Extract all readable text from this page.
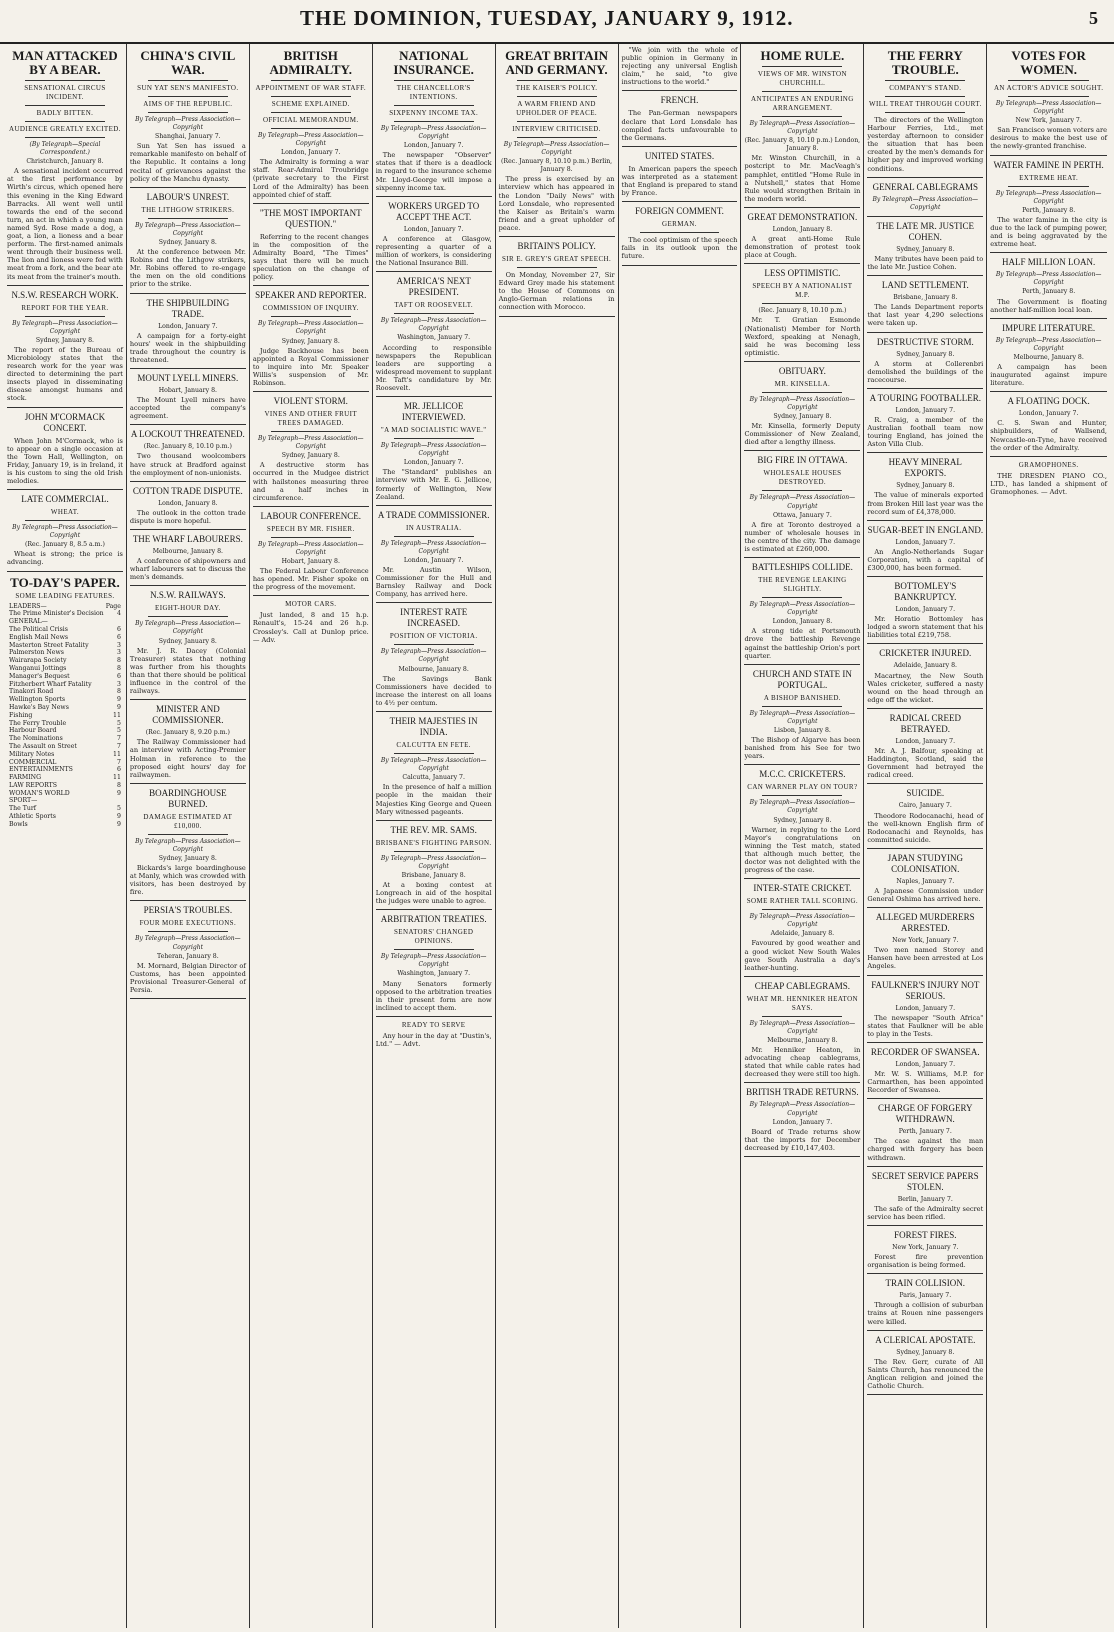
THE DOMINION, TUESDAY, JANUARY 9, 1912.	5
MAN ATTACKED BY A BEAR.
SENSATIONAL CIRCUS INCIDENT.
BADLY BITTEN.
AUDIENCE GREATLY EXCITED.
(By Telegraph—Special Correspondent.)
Christchurch, January 8.

A sensational incident occurred at the first performance by Wirth's circus, which opened here this evening in the King Edward Barracks. All went well until towards the end of the second turn, an act in which a young man named Syd. Rose made a dog, a goat, a lion, a lioness and a bear perform. The first-named animals went through their business well. The lion and lioness were fed with meat from a fork, and the bear ate its meat from the trainer's mouth.

N.S.W. RESEARCH WORK.
REPORT FOR THE YEAR.
By Telegraph—Press Association—Copyright
Sydney, January 8.

The report of the Bureau of Microbiology states that the research work for the year was directed to determining the part insects played in disseminating disease amongst humans and stock.

JOHN M'CORMACK CONCERT.

When John M'Cormack, who is to appear on a single occasion at the Town Hall, Wellington, on Friday, January 19, is in Ireland, it is his custom to sing the old Irish melodies.

LATE COMMERCIAL.
WHEAT.
By Telegraph—Press Association—Copyright
(Rec. January 8, 8.5 a.m.)

Wheat is strong; the price is advancing.

TO-DAY'S PAPER.
SOME LEADING FEATURES.
LEADERS—	Page
The Prime Minister's Decision 4
GENERAL—
The Political Crisis	6
English Mail News	6
Masterton Street Fatality	3
Palmerston News	3
Wairarapa Society	8
Wanganui Jottings	8
Manager's Bequest	6
Fitzherbert Wharf Fatality	3
Tinakori Road	8
Wellington Sports	9
Hawke's Bay News	9
Fishing	11
The Ferry Trouble	5
Harbour Board	5
The Nominations	7
The Assault on Street	7
Military Notes	11
COMMERCIAL	7
ENTERTAINMENTS	6
FARMING	11
LAW REPORTS	8
WOMAN'S WORLD	9
SPORT—
The Turf	5
Athletic Sports	9
Bowls	9
CHINA'S CIVIL WAR.
SUN YAT SEN'S MANIFESTO.
AIMS OF THE REPUBLIC.
By Telegraph—Press Association—Copyright
Shanghai, January 7.

Sun Yat Sen has issued a remarkable manifesto on behalf of the Republic. It contains a long recital of grievances against the policy of the Manchu dynasty.

LABOUR'S UNREST.
THE LITHGOW STRIKERS.
By Telegraph—Press Association—Copyright
Sydney, January 8.

At the conference between Mr. Robins and the Lithgow strikers, Mr. Robins offered to re-engage the men on the old conditions prior to the strike.

THE SHIPBUILDING TRADE.
London, January 7.

A campaign for a forty-eight hours' week in the shipbuilding trade throughout the country is threatened.

MOUNT LYELL MINERS.
Hobart, January 8.

The Mount Lyell miners have accepted the company's agreement.

A LOCKOUT THREATENED.
(Rec. January 8, 10.10 p.m.)

Two thousand woolcombers have struck at Bradford against the employment of non-unionists.

COTTON TRADE DISPUTE.
London, January 8.

The outlook in the cotton trade dispute is more hopeful.

THE WHARF LABOURERS.
Melbourne, January 8.

A conference of shipowners and wharf labourers sat to discuss the men's demands.

N.S.W. RAILWAYS.
EIGHT-HOUR DAY.
By Telegraph—Press Association—Copyright
Sydney, January 8.

Mr. J. R. Dacey (Colonial Treasurer) states that nothing was further from his thoughts than that there should be political influence in the control of the railways.

MINISTER AND COMMISSIONER.
(Rec. January 8, 9.20 p.m.)

The Railway Commissioner had an interview with Acting-Premier Holman in reference to the proposed eight hours' day for railwaymen.

BOARDINGHOUSE BURNED.
DAMAGE ESTIMATED AT £10,000.
By Telegraph—Press Association—Copyright
Sydney, January 8.

Bickards's large boardinghouse at Manly, which was crowded with visitors, has been destroyed by fire.

PERSIA'S TROUBLES.
FOUR MORE EXECUTIONS.
By Telegraph—Press Association—Copyright
Teheran, January 8.

M. Mornard, Belgian Director of Customs, has been appointed Provisional Treasurer-General of Persia.

BRITISH ADMIRALTY.
APPOINTMENT OF WAR STAFF.
SCHEME EXPLAINED.
OFFICIAL MEMORANDUM.
By Telegraph—Press Association—Copyright
London, January 7.

The Admiralty is forming a war staff. Rear-Admiral Troubridge (private secretary to the First Lord of the Admiralty) has been appointed chief of staff.

"THE MOST IMPORTANT QUESTION."

Referring to the recent changes in the composition of the Admiralty Board, "The Times" says that there will be much speculation on the change of policy.

SPEAKER AND REPORTER.
COMMISSION OF INQUIRY.
By Telegraph—Press Association—Copyright
Sydney, January 8.

Judge Backhouse has been appointed a Royal Commissioner to inquire into Mr. Speaker Willis's suspension of Mr. Robinson.

VIOLENT STORM.
VINES AND OTHER FRUIT TREES DAMAGED.
By Telegraph—Press Association—Copyright
Sydney, January 8.

A destructive storm has occurred in the Mudgee district with hailstones measuring three and a half inches in circumference.

LABOUR CONFERENCE.
SPEECH BY MR. FISHER.
By Telegraph—Press Association—Copyright
Hobart, January 8.

The Federal Labour Conference has opened. Mr. Fisher spoke on the progress of the movement.

MOTOR CARS.

Just landed, 8 and 15 h.p. Renault's, 15-24 and 26 h.p. Crossley's. Call at Dunlop price. — Adv.

NATIONAL INSURANCE.
THE CHANCELLOR'S INTENTIONS.
SIXPENNY INCOME TAX.
By Telegraph—Press Association—Copyright
London, January 7.

The newspaper "Observer" states that if there is a deadlock in regard to the insurance scheme Mr. Lloyd-George will impose a sixpenny income tax.

WORKERS URGED TO ACCEPT THE ACT.
London, January 7.

A conference at Glasgow, representing a quarter of a million of workers, is considering the National Insurance Bill.

AMERICA'S NEXT PRESIDENT.
TAFT OR ROOSEVELT.
By Telegraph—Press Association—Copyright
Washington, January 7.

According to responsible newspapers the Republican leaders are supporting a widespread movement to supplant Mr. Taft's candidature by Mr. Roosevelt.

MR. JELLICOE INTERVIEWED.
"A MAD SOCIALISTIC WAVE."
By Telegraph—Press Association—Copyright
London, January 7.

The "Standard" publishes an interview with Mr. E. G. Jellicoe, formerly of Wellington, New Zealand.

A TRADE COMMISSIONER.
IN AUSTRALIA.
By Telegraph—Press Association—Copyright
London, January 7.

Mr. Austin Wilson, Commissioner for the Hull and Barnsley Railway and Dock Company, has arrived here.

INTEREST RATE INCREASED.
POSITION OF VICTORIA.
By Telegraph—Press Association—Copyright
Melbourne, January 8.

The Savings Bank Commissioners have decided to increase the interest on all loans to 4½ per centum.

THEIR MAJESTIES IN INDIA.
CALCUTTA EN FETE.
By Telegraph—Press Association—Copyright
Calcutta, January 7.

In the presence of half a million people in the maidan their Majesties King George and Queen Mary witnessed pageants.

THE REV. MR. SAMS.
BRISBANE'S FIGHTING PARSON.
By Telegraph—Press Association—Copyright
Brisbane, January 8.

At a boxing contest at Longreach in aid of the hospital the judges were unable to agree.

ARBITRATION TREATIES.
SENATORS' CHANGED OPINIONS.
By Telegraph—Press Association—Copyright
Washington, January 7.

Many Senators formerly opposed to the arbitration treaties in their present form are now inclined to accept them.

READY TO SERVE

Any hour in the day at "Dustin's, Ltd." — Advt.

GREAT BRITAIN AND GERMANY.
THE KAISER'S POLICY.
A WARM FRIEND AND UPHOLDER OF PEACE.
INTERVIEW CRITICISED.
By Telegraph—Press Association—Copyright
(Rec. January 8, 10.10 p.m.) Berlin, January 8.

The press is exercised by an interview which has appeared in the London "Daily News" with Lord Lonsdale, who represented the Kaiser as Britain's warm friend and a great upholder of peace.

BRITAIN'S POLICY.
SIR E. GREY'S GREAT SPEECH.

On Monday, November 27, Sir Edward Grey made his statement to the House of Commons on Anglo-German relations in connection with Morocco.

"We join with the whole of public opinion in Germany in rejecting any universal English claim," he said, "to give instructions to the world."

FRENCH.

The Pan-German newspapers declare that Lord Lonsdale has compiled facts unfavourable to the Germans.

UNITED STATES.

In American papers the speech was interpreted as a statement that England is prepared to stand by France.

FOREIGN COMMENT.
GERMAN.

The cool optimism of the speech fails in its outlook upon the future.

HOME RULE.
VIEWS OF MR. WINSTON CHURCHILL.
ANTICIPATES AN ENDURING ARRANGEMENT.
By Telegraph—Press Association—Copyright
(Rec. January 8, 10.10 p.m.) London, January 8.

Mr. Winston Churchill, in a postcript to Mr. MacVeagh's pamphlet, entitled "Home Rule in a Nutshell," states that Home Rule would strengthen Britain in the modern world.

GREAT DEMONSTRATION.
London, January 8.

A great anti-Home Rule demonstration of protest took place at Cough.

LESS OPTIMISTIC.
SPEECH BY A NATIONALIST M.P.
(Rec. January 8, 10.10 p.m.)

Mr. T. Gratian Esmonde (Nationalist) Member for North Wexford, speaking at Nenagh, said he was becoming less optimistic.

OBITUARY.
MR. KINSELLA.
By Telegraph—Press Association—Copyright
Sydney, January 8.

Mr. Kinsella, formerly Deputy Commissioner of New Zealand, died after a lengthy illness.

BIG FIRE IN OTTAWA.
WHOLESALE HOUSES DESTROYED.
By Telegraph—Press Association—Copyright
Ottawa, January 7.

A fire at Toronto destroyed a number of wholesale houses in the centre of the city. The damage is estimated at £260,000.

BATTLESHIPS COLLIDE.
THE REVENGE LEAKING SLIGHTLY.
By Telegraph—Press Association—Copyright
London, January 8.

A strong tide at Portsmouth drove the battleship Revenge against the battleship Orion's port quarter.

CHURCH AND STATE IN PORTUGAL.
A BISHOP BANISHED.
By Telegraph—Press Association—Copyright
Lisbon, January 8.

The Bishop of Algarve has been banished from his See for two years.

M.C.C. CRICKETERS.
CAN WARNER PLAY ON TOUR?
By Telegraph—Press Association—Copyright
Sydney, January 8.

Warner, in replying to the Lord Mayor's congratulations on winning the Test match, stated that although much better, the doctor was not delighted with the progress of the case.

INTER-STATE CRICKET.
SOME RATHER TALL SCORING.
By Telegraph—Press Association—Copyright
Adelaide, January 8.

Favoured by good weather and a good wicket New South Wales gave South Australia a day's leather-hunting.

CHEAP CABLEGRAMS.
WHAT MR. HENNIKER HEATON SAYS.
By Telegraph—Press Association—Copyright
Melbourne, January 8.

Mr. Henniker Heaton, in advocating cheap cablegrams, stated that while cable rates had decreased they were still too high.

BRITISH TRADE RETURNS.
By Telegraph—Press Association—Copyright
London, January 7.

Board of Trade returns show that the imports for December decreased by £10,147,403.

THE FERRY TROUBLE.
COMPANY'S STAND.
WILL TREAT THROUGH COURT.

The directors of the Wellington Harbour Ferries, Ltd., met yesterday afternoon to consider the situation that has been created by the men's demands for higher pay and improved working conditions.

GENERAL CABLEGRAMS
By Telegraph—Press Association—Copyright
THE LATE MR. JUSTICE COHEN.
Sydney, January 8.

Many tributes have been paid to the late Mr. Justice Cohen.

LAND SETTLEMENT.
Brisbane, January 8.

The Lands Department reports that last year 4,290 selections were taken up.

DESTRUCTIVE STORM.
Sydney, January 8.

A storm at Collerenbri demolished the buildings of the racecourse.

A TOURING FOOTBALLER.
London, January 7.

R. Craig, a member of the Australian football team now touring England, has joined the Aston Villa Club.

HEAVY MINERAL EXPORTS.
Sydney, January 8.

The value of minerals exported from Broken Hill last year was the record sum of £4,378,000.

SUGAR-BEET IN ENGLAND.
London, January 7.

An Anglo-Netherlands Sugar Corporation, with a capital of £300,000, has been formed.

BOTTOMLEY'S BANKRUPTCY.
London, January 7.

Mr. Horatio Bottomley has lodged a sworn statement that his liabilities total £219,758.

CRICKETER INJURED.
Adelaide, January 8.

Macartney, the New South Wales cricketer, suffered a nasty wound on the head through an edge off the wicket.

RADICAL CREED BETRAYED.
London, January 7.

Mr. A. J. Balfour, speaking at Haddington, Scotland, said the Government had betrayed the radical creed.

SUICIDE.
Cairo, January 7.

Theodore Rodocanachi, head of the well-known English firm of Rodocanachi and Reynolds, has committed suicide.

JAPAN STUDYING COLONISATION.
Naples, January 7.

A Japanese Commission under General Oshima has arrived here.

ALLEGED MURDERERS ARRESTED.
New York, January 7.

Two men named Storey and Hansen have been arrested at Los Angeles.

FAULKNER'S INJURY NOT SERIOUS.
London, January 7.

The newspaper "South Africa" states that Faulkner will be able to play in the Tests.

RECORDER OF SWANSEA.
London, January 7.

Mr. W. S. Williams, M.P. for Carmarthen, has been appointed Recorder of Swansea.

CHARGE OF FORGERY WITHDRAWN.
Perth, January 7.

The case against the man charged with forgery has been withdrawn.

SECRET SERVICE PAPERS STOLEN.
Berlin, January 7.

The safe of the Admiralty secret service has been rifled.

FOREST FIRES.
New York, January 7.

Forest fire prevention organisation is being formed.

TRAIN COLLISION.
Paris, January 7.

Through a collision of suburban trains at Rouen nine passengers were killed.

A CLERICAL APOSTATE.
Sydney, January 8.

The Rev. Gerr, curate of All Saints Church, has renounced the Anglican religion and joined the Catholic Church.

VOTES FOR WOMEN.
AN ACTOR'S ADVICE SOUGHT.
By Telegraph—Press Association—Copyright
New York, January 7.

San Francisco women voters are desirous to make the best use of the newly-granted franchise.

WATER FAMINE IN PERTH.
EXTREME HEAT.
By Telegraph—Press Association—Copyright
Perth, January 8.

The water famine in the city is due to the lack of pumping power, and is being aggravated by the extreme heat.

HALF MILLION LOAN.
By Telegraph—Press Association—Copyright
Perth, January 8.

The Government is floating another half-million local loan.

IMPURE LITERATURE.
By Telegraph—Press Association—Copyright
Melbourne, January 8.

A campaign has been inaugurated against impure literature.

A FLOATING DOCK.
London, January 7.

C. S. Swan and Hunter, shipbuilders, of Wallsend, Newcastle-on-Tyne, have received the order of the Admiralty.

GRAMOPHONES.

THE DRESDEN PIANO CO., LTD., has landed a shipment of Gramophones. — Advt.
